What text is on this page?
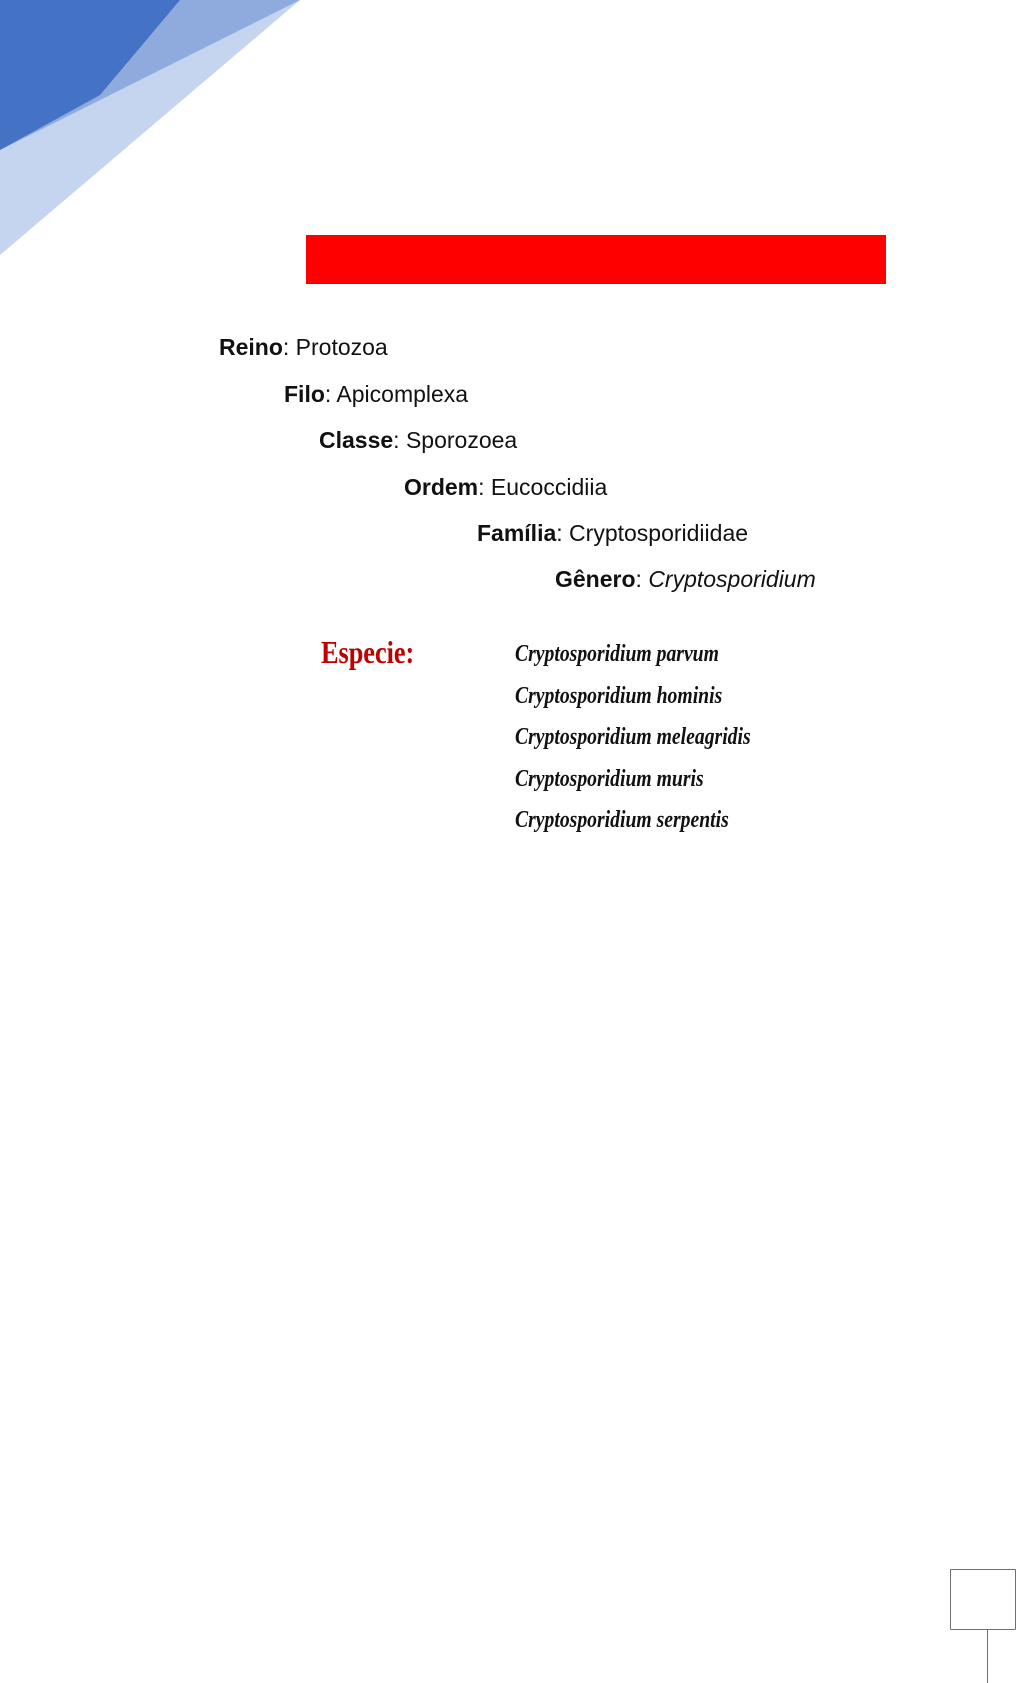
Reino: Protozoa
Filo: Apicomplexa
Classe: Sporozoea
Ordem: Eucoccidiia
Família: Cryptosporidiidae
Gênero: Cryptosporidium
Especie:	Cryptosporidium parvum
Cryptosporidium hominis
Cryptosporidium meleagridis
Cryptosporidium muris
Cryptosporidium serpentis
